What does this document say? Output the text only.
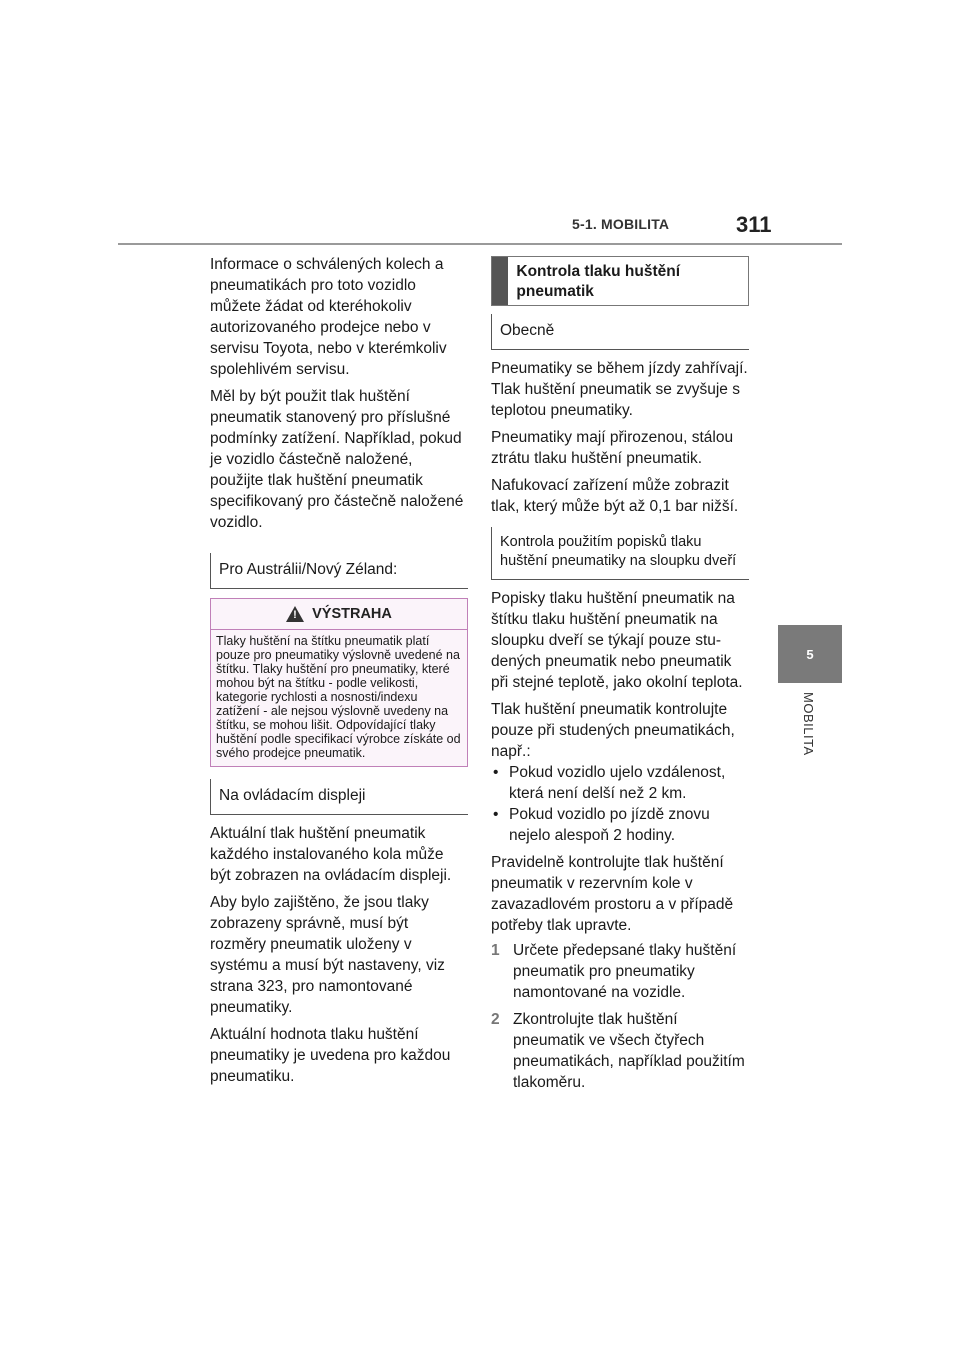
5-1. MOBILITA	311
5
MOBILITA

Informace o schválených kolech a pneumatikách pro toto vozidlo můžete žádat od kteréhokoliv autorizovaného prodejce nebo v servisu Toyota, nebo v kterémkoliv spolehlivém servisu.

Měl by být použit tlak huštění pneumatik stanovený pro příslušné podmínky zatížení. Například, pokud je vozidlo částečně naložené, použijte tlak huštění pneumatik specifikovaný pro částečně naložené vozidlo.

Pro Austrálii/Nový Zéland:
!
VÝSTRAHA
Tlaky huštění na štítku pneumatik platí pouze pro pneumatiky výslovně uvedené na štítku. Tlaky huštění pro pneumatiky, které mohou být na štítku - podle velikosti, kategorie rychlosti a nosnosti/indexu zatížení - ale nejsou výslovně uvedeny na štítku, se mohou lišit. Odpovídající tlaky huštění podle specifikací výrobce získáte od svého prodejce pneumatik.
Na ovládacím displeji

Aktuální tlak huštění pneumatik každého instalovaného kola může být zobrazen na ovládacím displeji.

Aby bylo zajištěno, že jsou tlaky zobrazeny správně, musí být rozměry pneumatik uloženy v systému a musí být nastaveny, viz strana 323, pro namontované pneumatiky.

Aktuální hodnota tlaku huštění pneumatiky je uvedena pro každou pneumatiku.

Kontrola tlaku huštění pneumatik
Obecně

Pneumatiky se během jízdy zahřívají. Tlak huštění pneumatik se zvyšuje s teplotou pneumatiky.

Pneumatiky mají přirozenou, stálou ztrátu tlaku huštění pneumatik.

Nafukovací zařízení může zobrazit tlak, který může být až 0,1 bar nižší.

Kontrola použitím popisků tlaku huštění pneumatiky na sloupku dveří

Popisky tlaku huštění pneumatik na štítku tlaku huštění pneumatik na sloupku dveří se týkají pouze stu-dených pneumatik nebo pneumatik při stejné teplotě, jako okolní teplota.

Tlak huštění pneumatik kontrolujte pouze při studených pneumatikách, např.:

• Pokud vozidlo ujelo vzdálenost, která není delší než 2 km.
• Pokud vozidlo po jízdě znovu nejelo alespoň 2 hodiny.

Pravidelně kontrolujte tlak huštění pneumatik v rezervním kole v zavazadlovém prostoru a v případě potřeby tlak upravte.

1 Určete předepsané tlaky huštění pneumatik pro pneumatiky namontované na vozidle.
2 Zkontrolujte tlak huštění pneumatik ve všech čtyřech pneumatikách, například použitím tlakoměru.
